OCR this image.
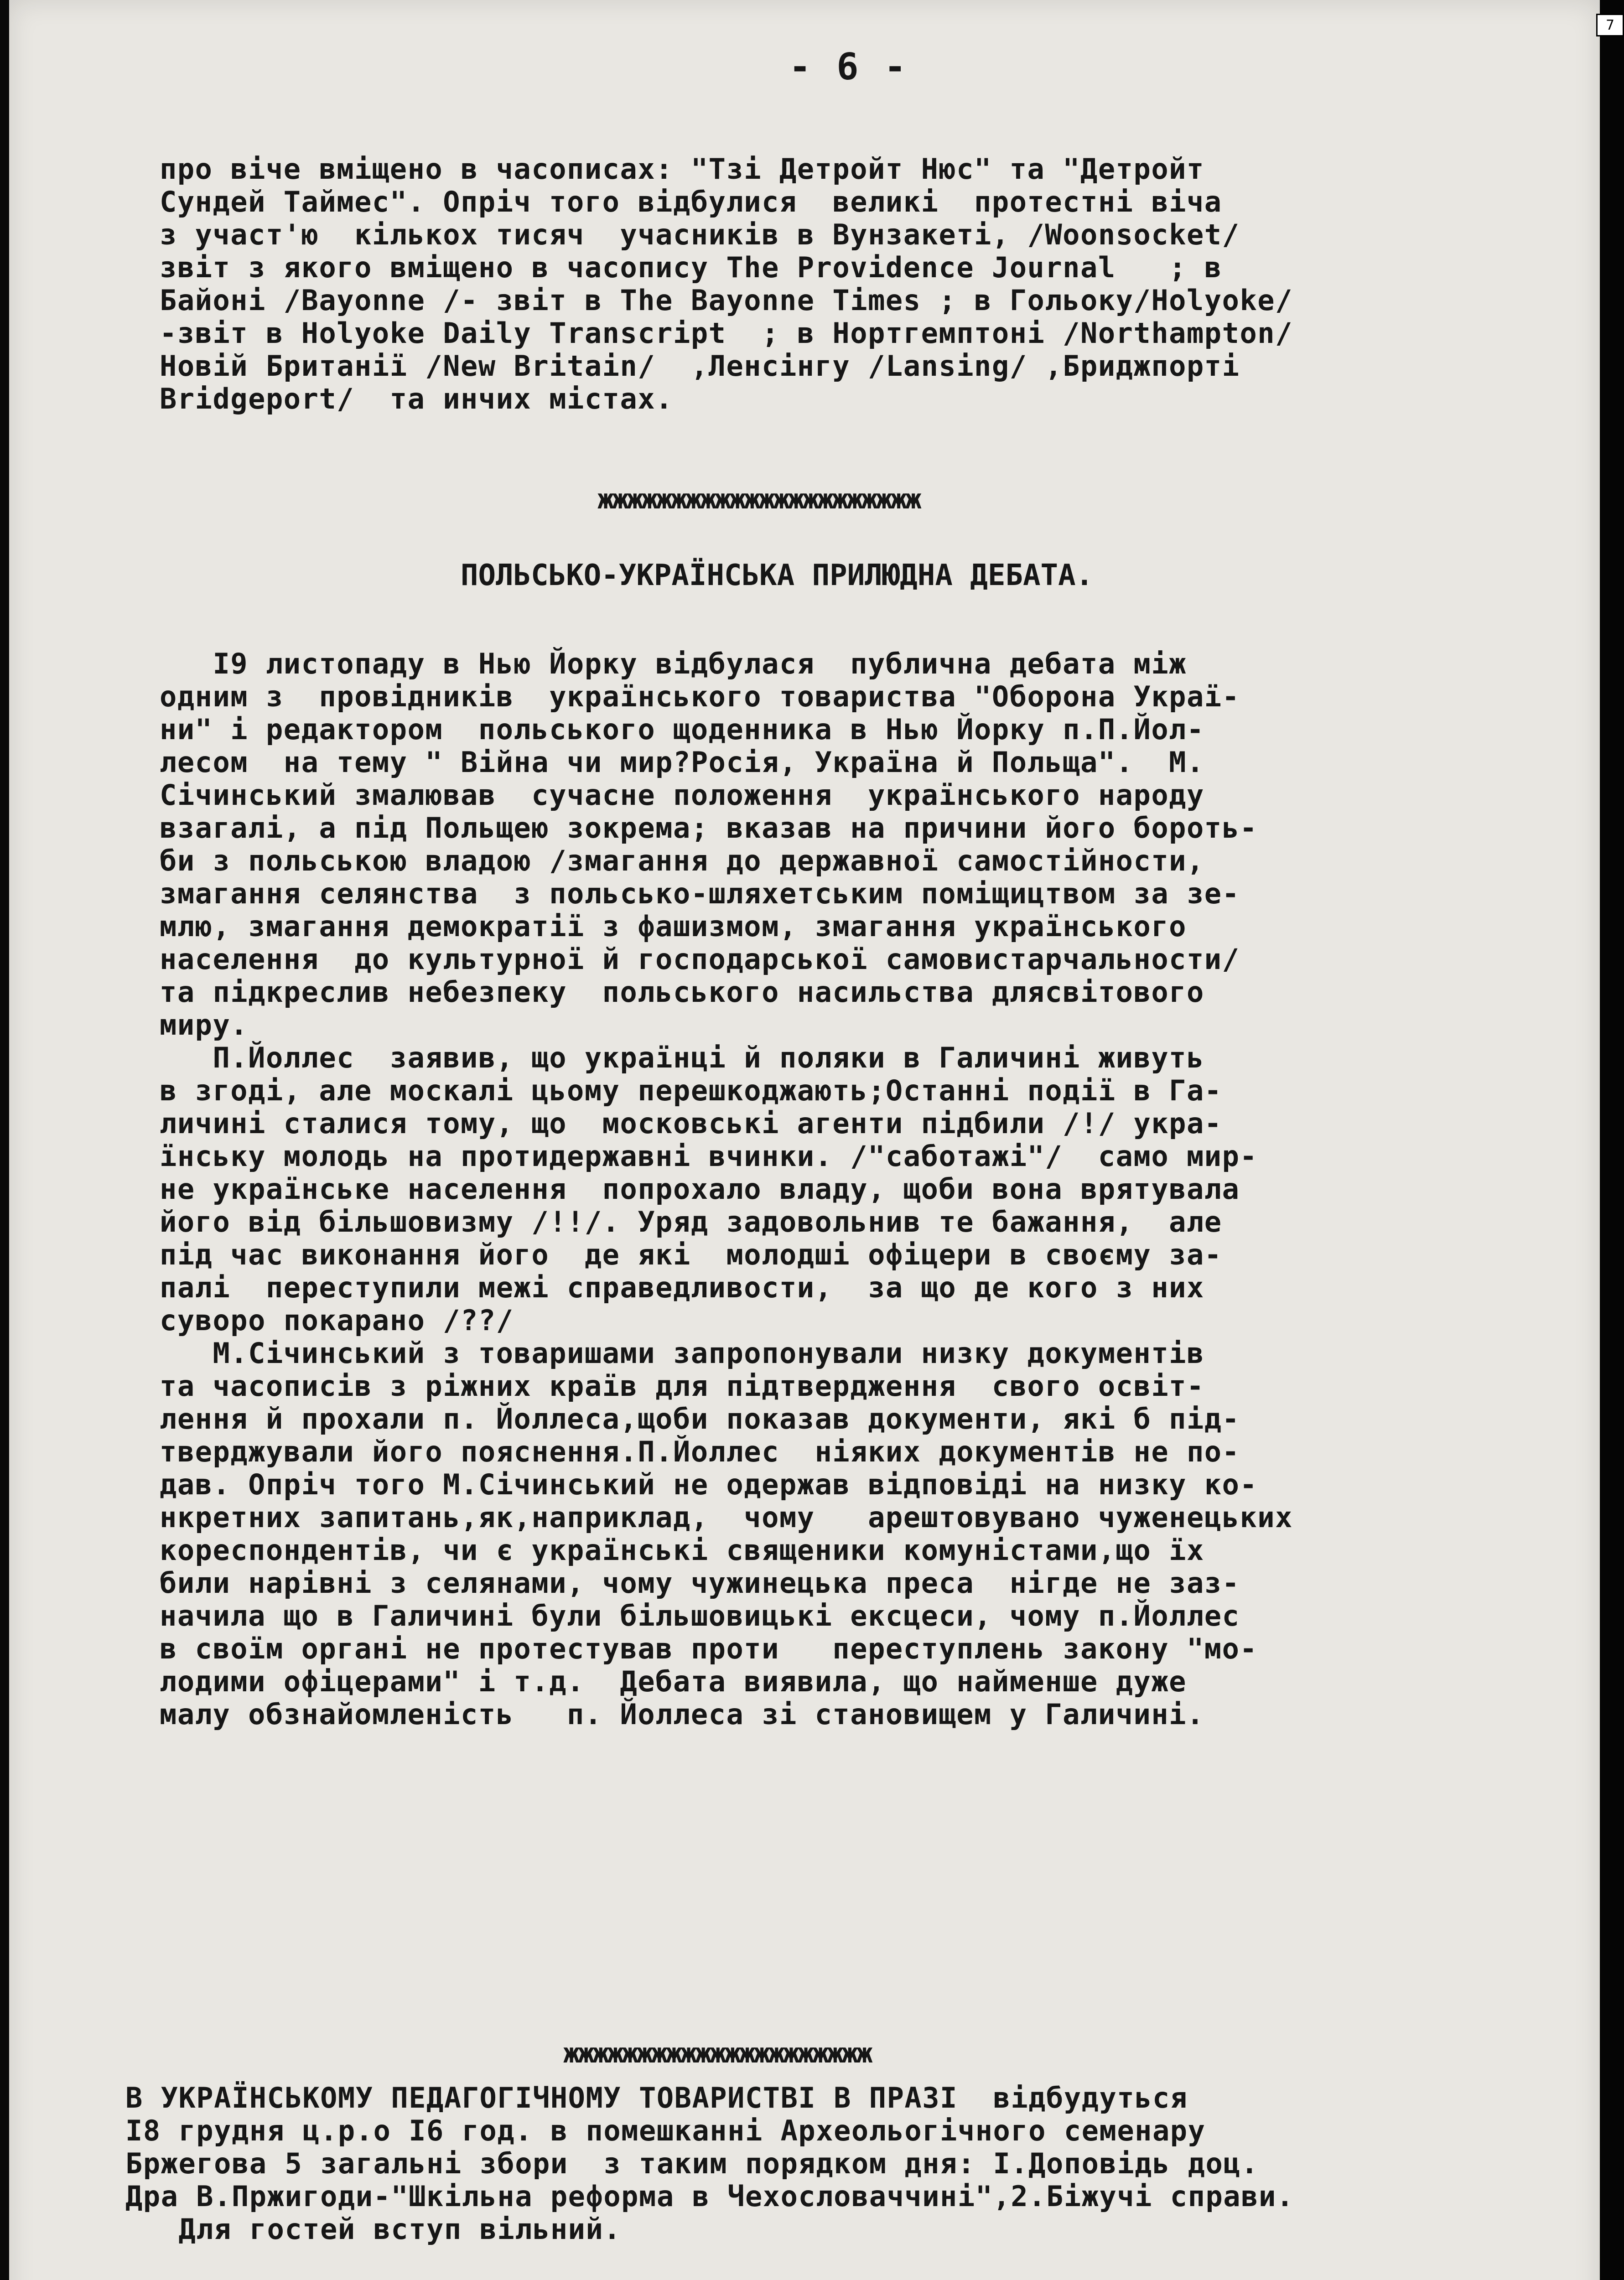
- 6 -
про віче вміщено в часописах: "Тзі Детройт Нюс" та "Детройт
Сундей Таймес". Опріч того відбулися  великі  протестні віча
з участ'ю  кількох тисяч  учасників в Вунзакеті, /Woonsocket/
звіт з якого вміщено в часопису The Providence Journal   ; в
Байоні /Bayonne /- звіт в The Bayonne Times ; в Гольоку/Holyoke/
-звіт в Holyoke Daily Transcript  ; в Нортгемптоні /Northampton/
Новій Британії /New Britain/  ,Ленсінгу /Lansing/ ,Бриджпорті
Bridgeport/  та инчих містах.
жжжжжжжжжжжжжжжжжжжжжж
ПОЛЬСЬКО-УКРАЇНСЬКА ПРИЛЮДНА ДЕБАТА.
I9 листопаду в Нью Йорку відбулася  публична дебата між
одним з  провідників  українського товариства "Оборона Украї-
ни" і редактором  польського щоденника в Нью Йорку п.П.Йол-
лесом  на тему " Війна чи мир?Росія, Україна й Польща".  М.
Січинський змалював  сучасне положення  українського народу
взагалі, а під Польщею зокрема; вказав на причини його бороть-
би з польською владою /змагання до державної самостійности,
змагання селянства  з польсько-шляхетським поміщицтвом за зе-
млю, змагання демократії з фашизмом, змагання українського
населення  до культурної й господарської самовистарчальности/
та підкреслив небезпеку  польського насильства длясвітового
миру.
П.Йоллес  заявив, що українці й поляки в Галичині живуть
в згоді, але москалі цьому перешкоджають;Останні події в Га-
личині сталися тому, що  московські агенти підбили /!/ укра-
їнську молодь на протидержавні вчинки. /"саботажі"/  само мир-
не українське населення  попрохало владу, щоби вона врятувала
його від більшовизму /!!/. Уряд задовольнив те бажання,  але
під час виконання його  де які  молодші офіцери в своєму за-
палі  переступили межі справедливости,  за що де кого з них
суворо покарано /??/
М.Січинський з товаришами запропонували низку документів
та часописів з ріжних країв для підтвердження  свого освіт-
лення й прохали п. Йоллеса,щоби показав документи, які б під-
тверджували його пояснення.П.Йоллес  ніяких документів не по-
дав. Опріч того М.Січинський не одержав відповіді на низку ко-
нкретних запитань,як,наприклад,  чому   арештовувано чуженецьких
кореспондентів, чи є українські священики комуністами,що їх
били нарівні з селянами, чому чужинецька преса  нігде не заз-
начила що в Галичині були більшовицькі ексцеси, чому п.Йоллес
в своїм органі не протестував проти   переступлень закону "мо-
лодими офіцерами" і т.д.  Дебата виявила, що найменше дуже
малу обзнайомленість   п. Йоллеса зі становищем у Галичині.
жжжжжжжжжжжжжжжжжжжжж
В УКРАЇНСЬКОМУ ПЕДАГОГІЧНОМУ ТОВАРИСТВІ В ПРАЗІ  відбудуться
I8 грудня ц.р.о I6 год. в помешканні Археольогічного семенару
Бржегова 5 загальні збори  з таким порядком дня: I.Доповідь доц.
Дра В.Пржигоди-"Шкільна реформа в Чехословаччині",2.Біжучі справи.
Для гостей вступ вільний.
7
